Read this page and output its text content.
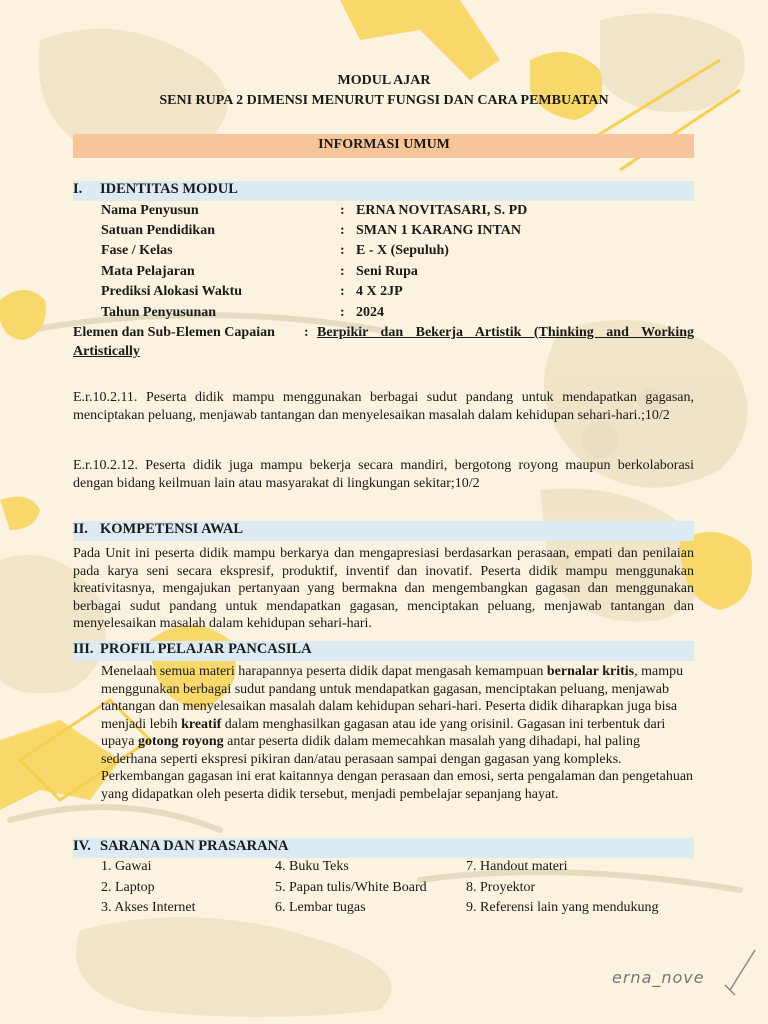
MODUL AJAR
SENI RUPA 2 DIMENSI MENURUT FUNGSI DAN CARA PEMBUATAN
INFORMASI UMUM
I. IDENTITAS MODUL
Nama Penyusun	: ERNA NOVITASARI, S. PD
Satuan Pendidikan	: SMAN 1 KARANG INTAN
Fase / Kelas	: E - X (Sepuluh)
Mata Pelajaran	: Seni Rupa
Prediksi Alokasi Waktu	: 4 X 2JP
Tahun Penyusunan	: 2024
Elemen dan Sub-Elemen Capaian : Berpikir dan Bekerja Artistik (Thinking and Working
Artistically
E.r.10.2.11. Peserta didik mampu menggunakan berbagai sudut pandang untuk mendapatkan gagasan, menciptakan peluang, menjawab tantangan dan menyelesaikan masalah dalam kehidupan sehari-hari.;10/2
E.r.10.2.12. Peserta didik juga mampu bekerja secara mandiri, bergotong royong maupun berkolaborasi dengan bidang keilmuan lain atau masyarakat di lingkungan sekitar;10/2
II. KOMPETENSI AWAL
Pada Unit ini peserta didik mampu berkarya dan mengapresiasi berdasarkan perasaan, empati dan penilaian pada karya seni secara ekspresif, produktif, inventif dan inovatif. Peserta didik mampu menggunakan kreativitasnya, mengajukan pertanyaan yang bermakna dan mengembangkan gagasan dan menggunakan berbagai sudut pandang untuk mendapatkan gagasan, menciptakan peluang, menjawab tantangan dan menyelesaikan masalah dalam kehidupan sehari-hari.
III. PROFIL PELAJAR PANCASILA
Menelaah semua materi harapannya peserta didik dapat mengasah kemampuan bernalar kritis, mampu menggunakan berbagai sudut pandang untuk mendapatkan gagasan, menciptakan peluang, menjawab tantangan dan menyelesaikan masalah dalam kehidupan sehari-hari. Peserta didik diharapkan juga bisa menjadi lebih kreatif dalam menghasilkan gagasan atau ide yang orisinil. Gagasan ini terbentuk dari upaya gotong royong antar peserta didik dalam memecahkan masalah yang dihadapi, hal paling sederhana seperti ekspresi pikiran dan/atau perasaan sampai dengan gagasan yang kompleks. Perkembangan gagasan ini erat kaitannya dengan perasaan dan emosi, serta pengalaman dan pengetahuan yang didapatkan oleh peserta didik tersebut, menjadi pembelajar sepanjang hayat.
IV. SARANA DAN PRASARANA
1. Gawai
2. Laptop
3. Akses Internet
4. Buku Teks
5. Papan tulis/White Board
6. Lembar tugas
7. Handout materi
8. Proyektor
9. Referensi lain yang mendukung
erna_nove
